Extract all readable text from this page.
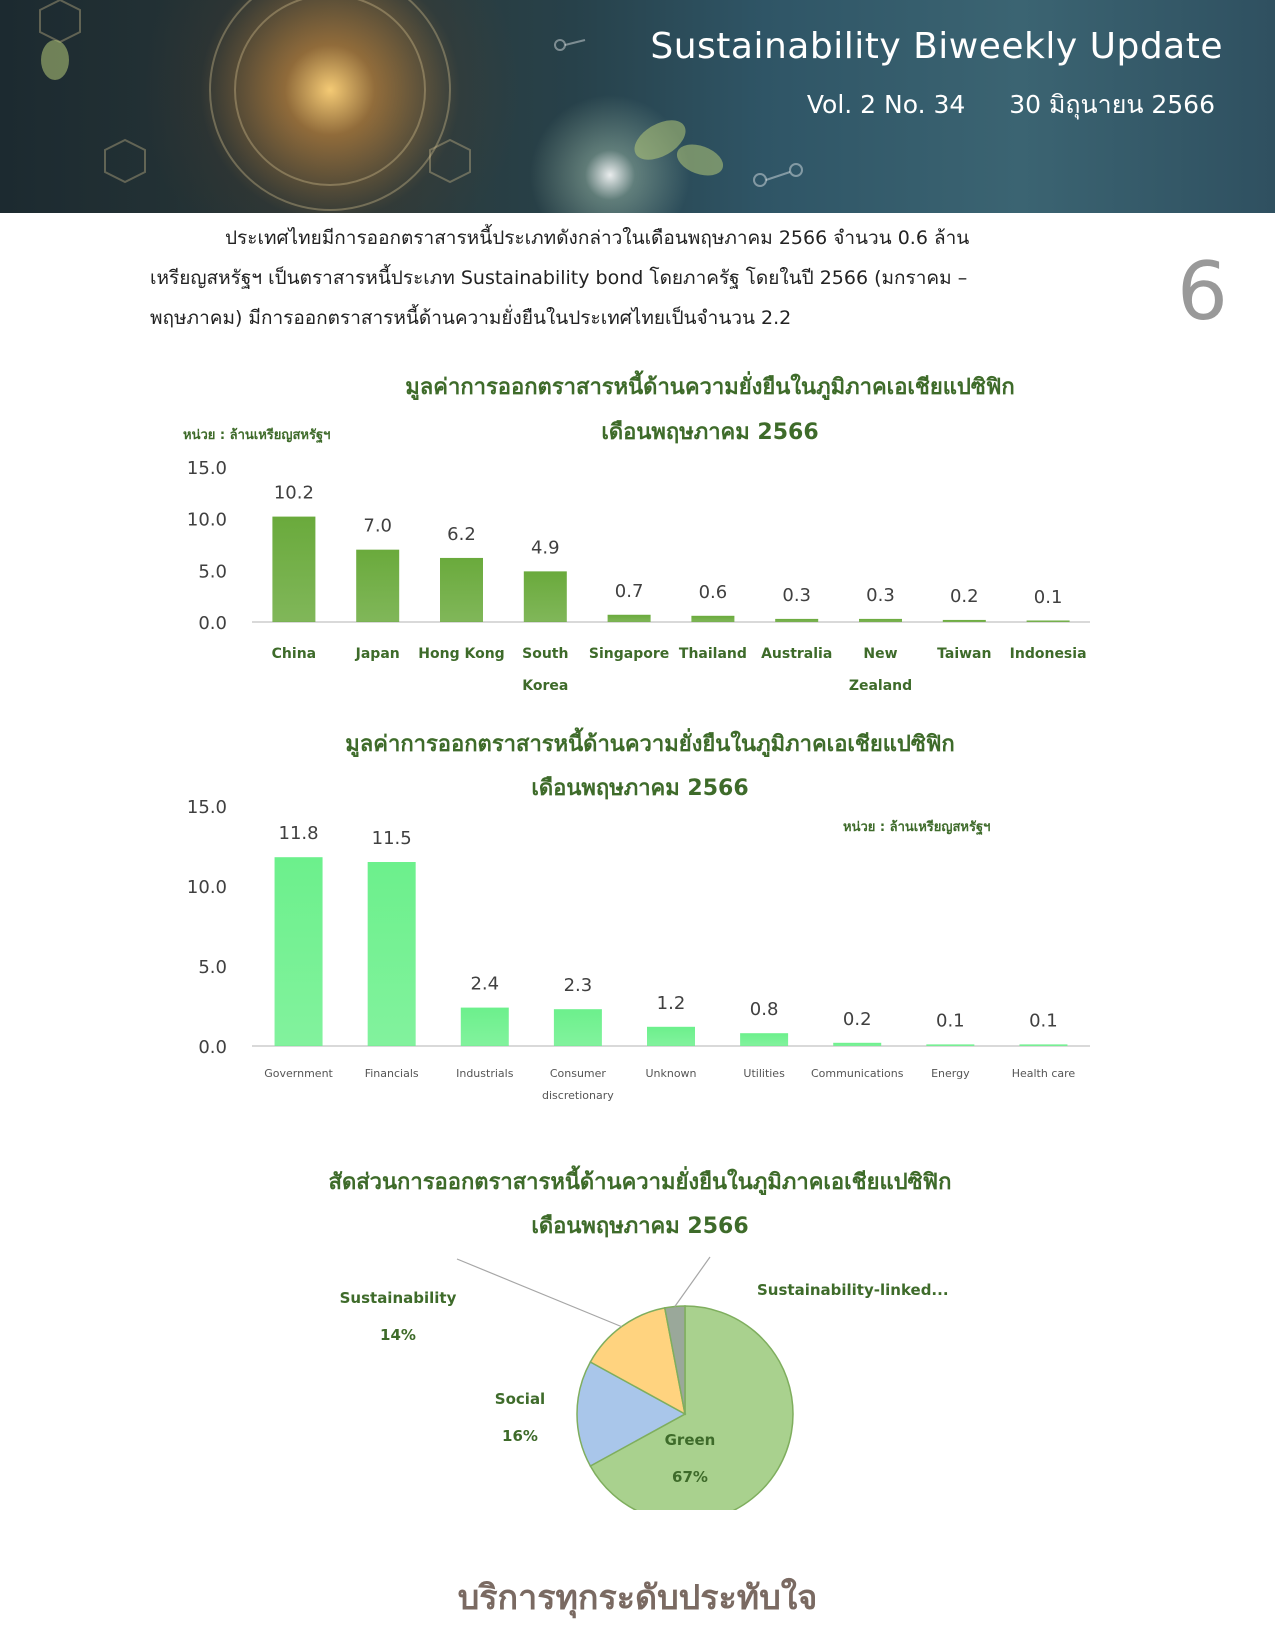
Sustainability Biweekly Update
Vol. 2 No. 34 30 มิถุนายน 2566
6
ประเทศไทยมีการออกตราสารหนี้ประเภทดังกล่าวในเดือนพฤษภาคม 2566 จำนวน 0.6 ล้าน
เหรียญสหรัฐฯ เป็นตราสารหนี้ประเภท Sustainability bond โดยภาครัฐ โดยในปี 2566 (มกราคม –
พฤษภาคม) มีการออกตราสารหนี้ด้านความยั่งยืนในประเทศไทยเป็นจำนวน 2.2
มูลค่าการออกตราสารหนี้ด้านความยั่งยืนในภูมิภาคเอเชียแปซิฟิก
เดือนพฤษภาคม 2566
หน่วย : ล้านเหรียญสหรัฐฯ
0.0
5.0
10.0
15.0
10.2
China
7.0
Japan
6.2
Hong Kong
4.9
South
Korea
0.7
Singapore
0.6
Thailand
0.3
Australia
0.3
New
Zealand
0.2
Taiwan
0.1
Indonesia
มูลค่าการออกตราสารหนี้ด้านความยั่งยืนในภูมิภาคเอเชียแปซิฟิก
เดือนพฤษภาคม 2566
หน่วย : ล้านเหรียญสหรัฐฯ
0.0
5.0
10.0
15.0
11.8
Government
11.5
Financials
2.4
Industrials
2.3
Consumer
discretionary
1.2
Unknown
0.8
Utilities
0.2
Communications
0.1
Energy
0.1
Health care
สัดส่วนการออกตราสารหนี้ด้านความยั่งยืนในภูมิภาคเอเชียแปซิฟิก
เดือนพฤษภาคม 2566
Green
67%
Social
16%
Sustainability
14%
Sustainability-linked...
บริการทุกระดับประทับใจ
